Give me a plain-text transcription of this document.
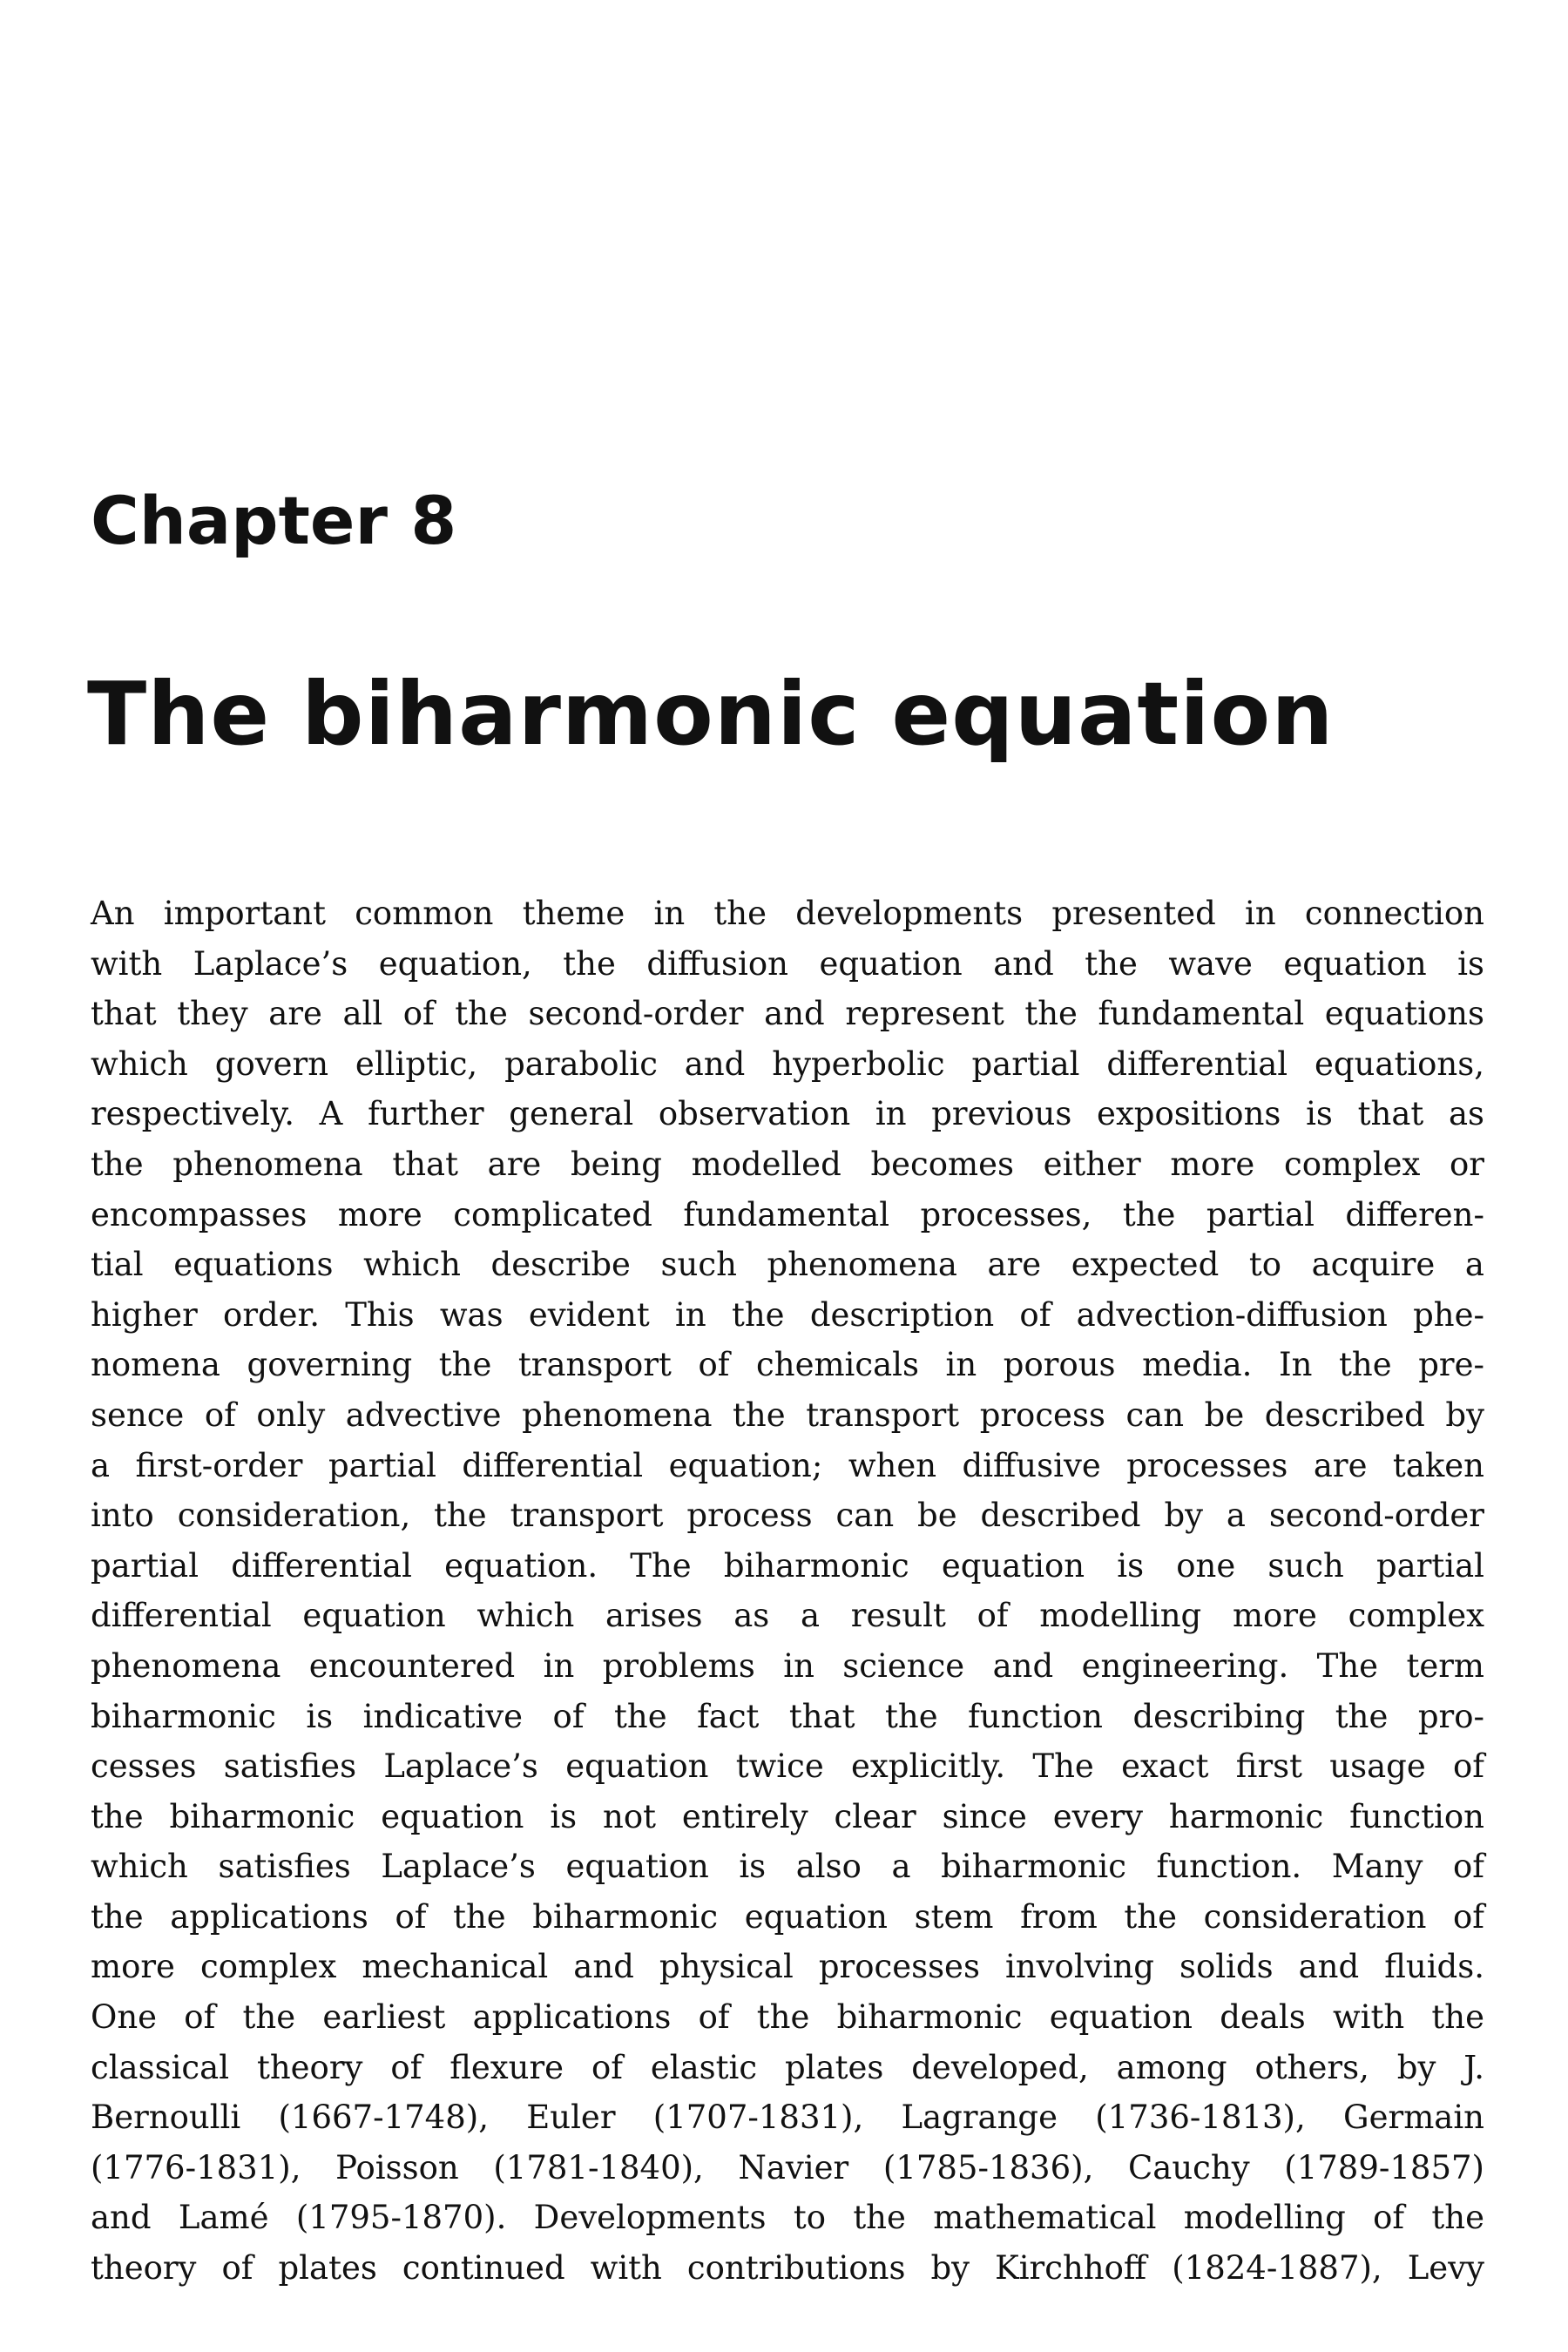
Chapter 8
The biharmonic equation
An important common theme in the developments presented in connection
with Laplace’s equation, the diffusion equation and the wave equation is
that they are all of the second-order and represent the fundamental equations
which govern elliptic, parabolic and hyperbolic partial differential equations,
respectively. A further general observation in previous expositions is that as
the phenomena that are being modelled becomes either more complex or
encompasses more complicated fundamental processes, the partial differen-
tial equations which describe such phenomena are expected to acquire a
higher order. This was evident in the description of advection-diffusion phe-
nomena governing the transport of chemicals in porous media. In the pre-
sence of only advective phenomena the transport process can be described by
a first-order partial differential equation; when diffusive processes are taken
into consideration, the transport process can be described by a second-order
partial differential equation. The biharmonic equation is one such partial
differential equation which arises as a result of modelling more complex
phenomena encountered in problems in science and engineering. The term
biharmonic is indicative of the fact that the function describing the pro-
cesses satisfies Laplace’s equation twice explicitly. The exact first usage of
the biharmonic equation is not entirely clear since every harmonic function
which satisfies Laplace’s equation is also a biharmonic function. Many of
the applications of the biharmonic equation stem from the consideration of
more complex mechanical and physical processes involving solids and fluids.
One of the earliest applications of the biharmonic equation deals with the
classical theory of flexure of elastic plates developed, among others, by J.
Bernoulli (1667-1748), Euler (1707-1831), Lagrange (1736-1813), Germain
(1776-1831), Poisson (1781-1840), Navier (1785-1836), Cauchy (1789-1857)
and Lamé (1795-1870). Developments to the mathematical modelling of the
theory of plates continued with contributions by Kirchhoff (1824-1887), Levy
